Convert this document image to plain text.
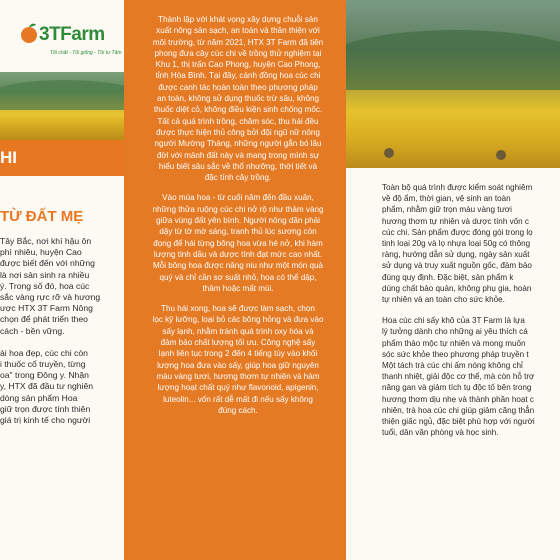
3TFarm
Tôi chất - Tôi giống - Tôi tư Tâm
HI
TỪ ĐẤT MẸ

Tây Bắc, nơi khí hậu ôn

phì nhiêu, huyện Cao

được biết đến với những

là nơi sản sinh ra nhiều

ý. Trong số đó, hoa cúc

sắc vàng rực rỡ và hương

ược HTX 3T Farm Nông

chọn để phát triển theo

cách - bền vững.

ài hoa đẹp, cúc chi còn

i thuốc cổ truyền, từng

oa" trong Đông y. Nhận

y, HTX đã đầu tư nghiên

dòng sản phẩm Hoa

giữ trọn được tính thiên

giá trị kinh tế cho người

Thành lập với khát vọng xây dựng chuỗi sản

xuất nông sản sạch, an toàn và thân thiện với

môi trường, từ năm 2021, HTX 3T Farm đã tiên

phong đưa cây cúc chi về trồng thử nghiệm tại

Khu 1, thị trấn Cao Phong, huyện Cao Phong,

tỉnh Hòa Bình. Tại đây, cánh đồng hoa cúc chi

được canh tác hoàn toàn theo phương pháp

an toàn, không sử dụng thuốc trừ sâu, không

thuốc diệt cỏ, không điều kiện sinh chống mốc.

Tất cả quá trình trồng, chăm sóc, thu hái đều

được thực hiện thủ công bởi đội ngũ nữ nông

người Mường Thàng, những người gắn bó lâu

đời với mảnh đất này và mang trong mình sự

hiểu biết sâu sắc về thổ nhưỡng, thời tiết và

đặc tính cây trồng.

Vào mùa hoa - từ cuối năm đến đầu xuân,

những thửa ruộng cúc chi nở rộ như thảm vàng

giữa vùng đất yên bình. Người nông dân phải

dậy từ tờ mờ sáng, tranh thủ lúc sương còn

đọng để hái từng bông hoa vừa hé nở, khi hàm

lượng tinh dầu và dược tính đạt mức cao nhất.

Mỗi bông hoa được nâng niu như một món quà

quý và chỉ cần sơ suất nhỏ, hoa có thể dập,

thâm hoặc mất mùi.

Thu hái xong, hoa sẽ được làm sạch, chọn

lọc kỹ lưỡng, loại bỏ các bông hỏng và đưa vào

sấy lạnh, nhằm tránh quá trình oxy hóa và

đảm bảo chất lượng tối ưu. Công nghệ sấy

lạnh liên tục trong 2 đến 4 tiếng tùy vào khối

lượng hoa đưa vào sấy, giúp hoa giữ nguyên

màu vàng tươi, hương thơm tự nhiên và hàm

lượng hoạt chất quý như flavonoid, apigenin,

luteolin... vốn rất dễ mất đi nếu sấy không

đúng cách.

Toàn bộ quá trình được kiểm soát nghiêm

về độ ẩm, thời gian, vệ sinh an toàn

phẩm, nhằm giữ trọn màu vàng tươi

hương thơm tự nhiên và dược tính vốn c

cúc chi. Sản phẩm được đóng gói trong lọ

tinh loại 20g và lọ nhựa loại 50g có thông

ràng, hướng dẫn sử dụng, ngày sản xuất

sử dụng và truy xuất nguồn gốc, đảm bảo

đúng quy định. Đặc biệt, sản phẩm k

dùng chất bảo quản, không phụ gia, hoàn

tự nhiên và an toàn cho sức khỏe.

Hoa cúc chi sấy khô của 3T Farm là lựa

lý tưởng dành cho những ai yêu thích cá

phẩm thảo mộc tự nhiên và mong muốn

sóc sức khỏe theo phương pháp truyền t

Một tách trà cúc chi ấm nóng không chỉ

thanh nhiệt, giải độc cơ thể, mà còn hỗ trợ

nâng gan và giảm tích tụ độc tố bên trong

hương thơm dịu nhẹ và thành phần hoạt c

nhiên, trà hoa cúc chi giúp giảm căng thẳn

thiện giấc ngủ, đặc biệt phù hợp với người

tuổi, dân văn phòng và học sinh.
